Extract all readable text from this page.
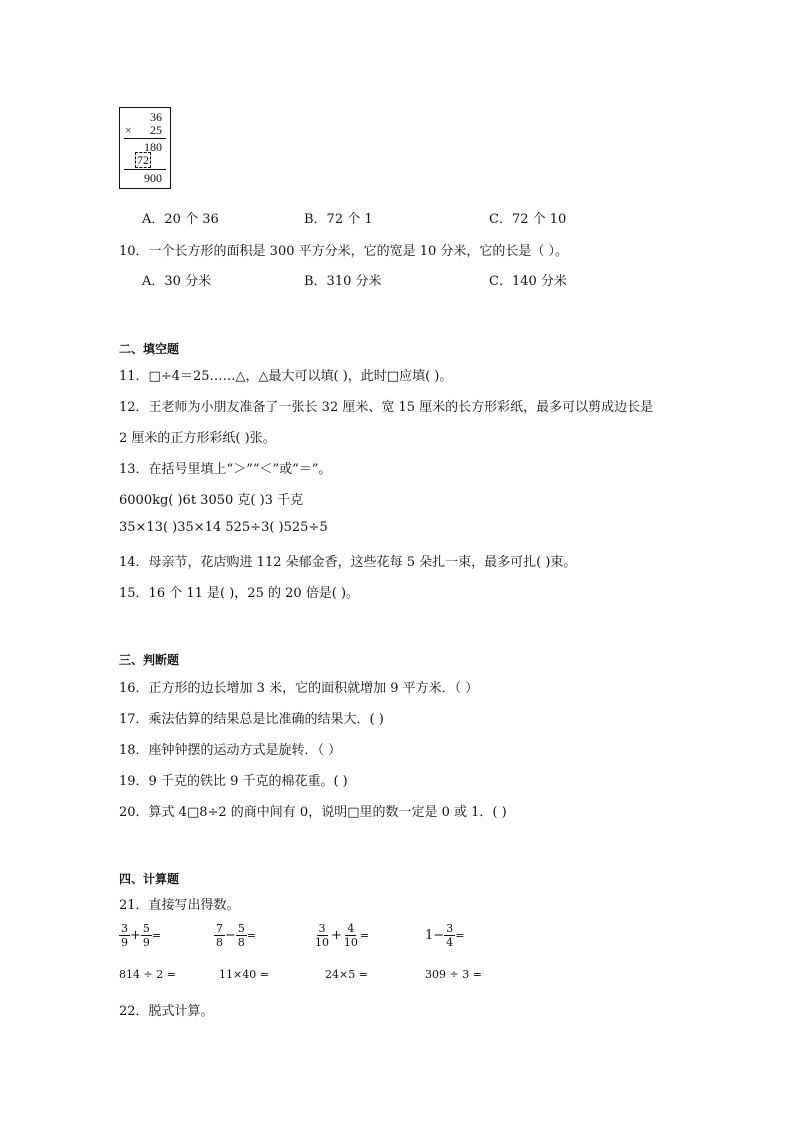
36
× 25
180
72
900
A．20 个 36	B．72 个 1	C．72 个 10
10．一个长方形的面积是 300 平方分米，它的宽是 10 分米，它的长是（ ）。
A．30 分米	B．310 分米	C．140 分米
二、填空题
11．□÷4＝25……△，△最大可以填( )，此时□应填( )。
12．王老师为小朋友准备了一张长 32 厘米、宽 15 厘米的长方形彩纸，最多可以剪成边长是
2 厘米的正方形彩纸( )张。
13．在括号里填上“＞”“＜”或“＝”。
6000kg( )6t 3050 克( )3 千克
35×13( )35×14 525÷3( )525÷5
14．母亲节，花店购进 112 朵郁金香，这些花每 5 朵扎一束，最多可扎( )束。
15．16 个 11 是( )，25 的 20 倍是( )。
三、判断题
16．正方形的边长增加 3 米，它的面积就增加 9 平方米．（ ）
17．乘法估算的结果总是比准确的结果大．( )
18．座钟钟摆的运动方式是旋转．（ ）
19．9 千克的铁比 9 千克的棉花重。( )
20．算式 4□8÷2 的商中间有 0，说明□里的数一定是 0 或 1．( )
四、计算题
21．直接写出得数。
$\frac{3}{9} + \frac{5}{9}$ =	$\frac{7}{8} - \frac{5}{8}$ =	$\frac{3}{10} + \frac{4}{10}$ =	$1- \frac{3}{4}$ =
814 ÷ 2 =	11×40 =	24×5 =	309 ÷ 3 =
22．脱式计算。
